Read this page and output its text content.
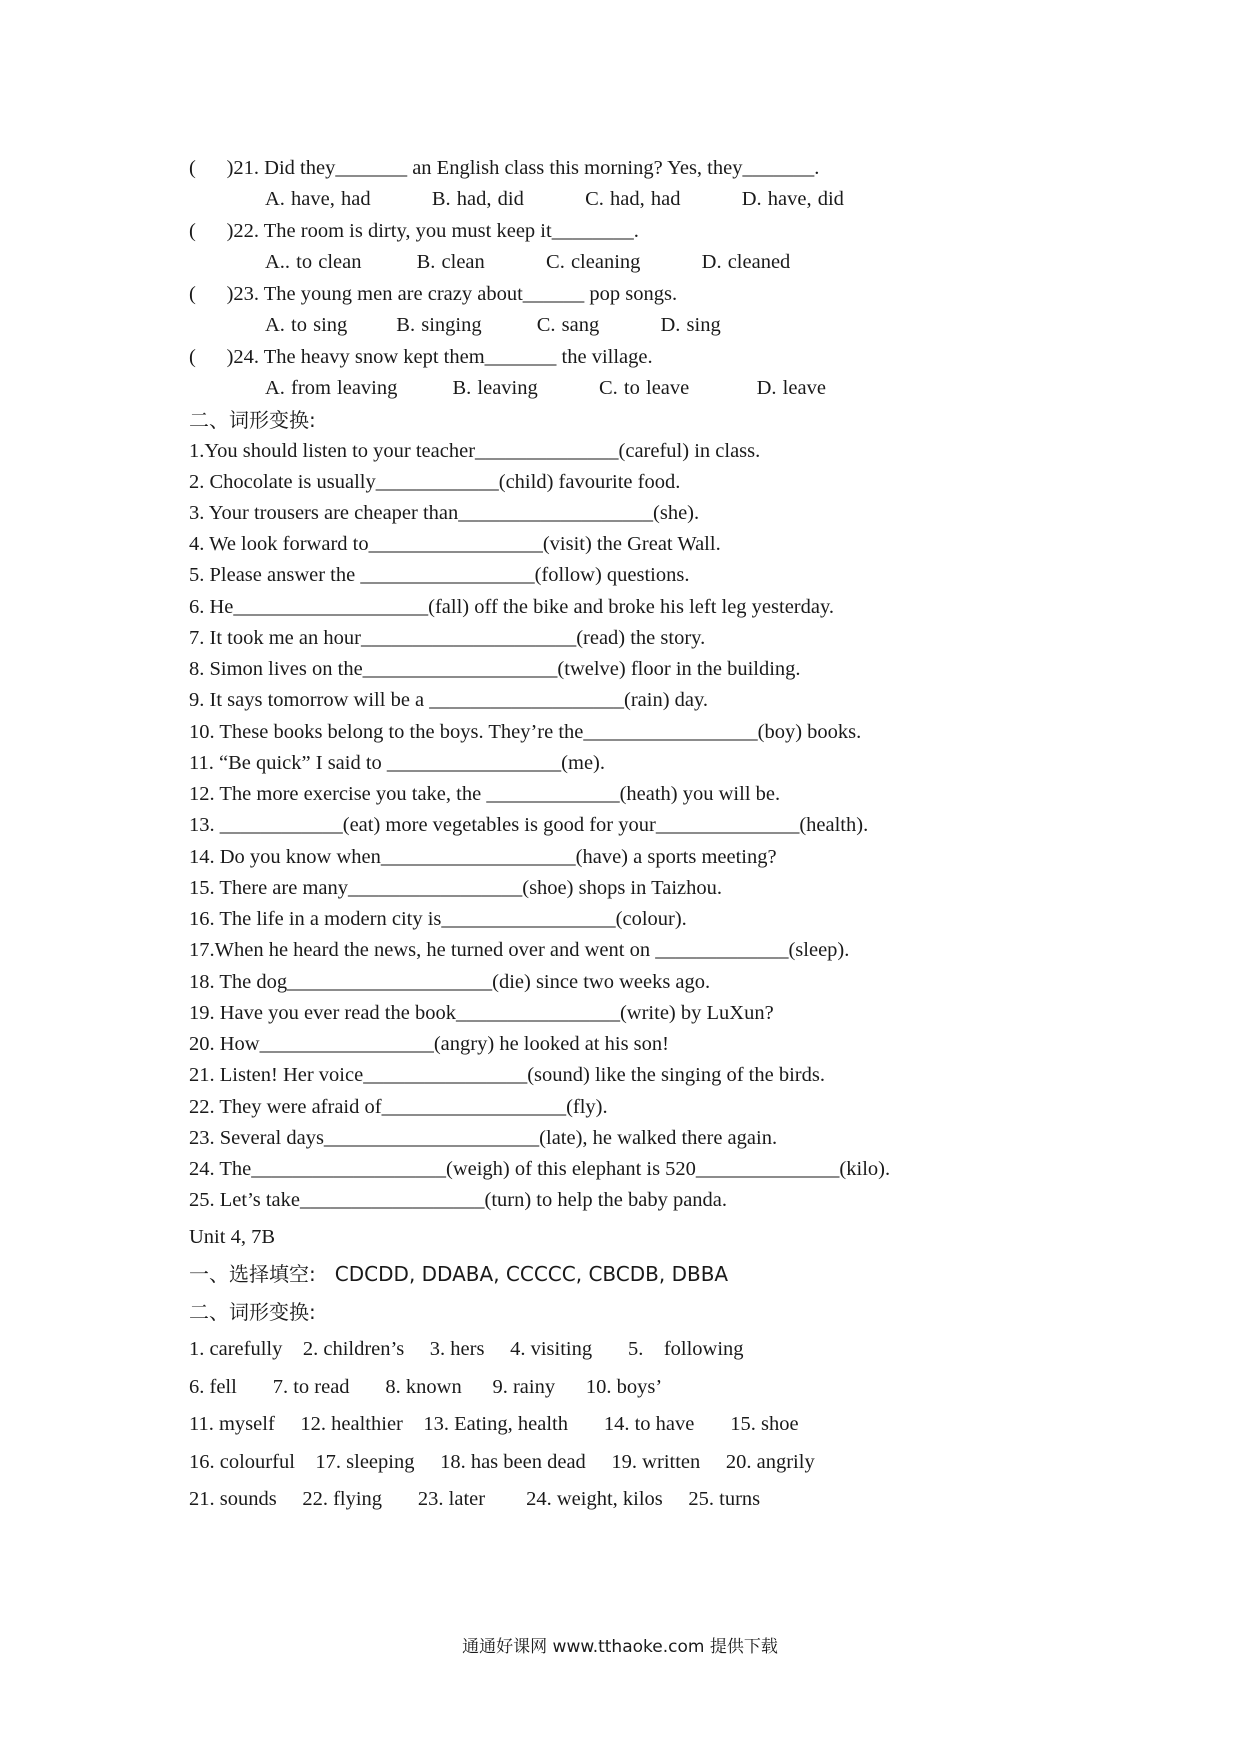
(      )21. Did they_______ an English class this morning? Yes, they_______.

A. have, had          B. had, did          C. had, had          D. have, did

(      )22. The room is dirty, you must keep it________.

A.. to clean         B. clean          C. cleaning          D. cleaned

(      )23. The young men are crazy about______ pop songs.

A. to sing        B. singing         C. sang          D. sing

(      )24. The heavy snow kept them_______ the village.

A. from leaving         B. leaving          C. to leave           D. leave

二、词形变换:

1.You should listen to your teacher______________(careful) in class.

2. Chocolate is usually____________(child) favourite food.

3. Your trousers are cheaper than___________________(she).

4. We look forward to_________________(visit) the Great Wall.

5. Please answer the _________________(follow) questions.

6. He___________________(fall) off the bike and broke his left leg yesterday.

7. It took me an hour_____________________(read) the story.

8. Simon lives on the___________________(twelve) floor in the building.

9. It says tomorrow will be a ___________________(rain) day.

10. These books belong to the boys. They’re the_________________(boy) books.

11. “Be quick” I said to _________________(me).

12. The more exercise you take, the _____________(heath) you will be.

13. ____________(eat) more vegetables is good for your______________(health).

14. Do you know when___________________(have) a sports meeting?

15. There are many_________________(shoe) shops in Taizhou.

16. The life in a modern city is_________________(colour).

17.When he heard the news, he turned over and went on _____________(sleep).

18. The dog____________________(die) since two weeks ago.

19. Have you ever read the book________________(write) by LuXun?

20. How_________________(angry) he looked at his son!

21. Listen! Her voice________________(sound) like the singing of the birds.

22. They were afraid of__________________(fly).

23. Several days_____________________(late), he walked there again.

24. The___________________(weigh) of this elephant is 520______________(kilo).

25. Let’s take__________________(turn) to help the baby panda.

Unit 4, 7B

一、选择填空:   CDCDD, DDABA, CCCCC, CBCDB, DBBA

二、词形变换:

1. carefully    2. children’s     3. hers     4. visiting       5.    following

6. fell       7. to read       8. known      9. rainy      10. boys’

11. myself     12. healthier    13. Eating, health       14. to have       15. shoe

16. colourful    17. sleeping     18. has been dead     19. written     20. angrily

21. sounds     22. flying       23. later        24. weight, kilos     25. turns

通通好课网 www.tthaoke.com 提供下载
